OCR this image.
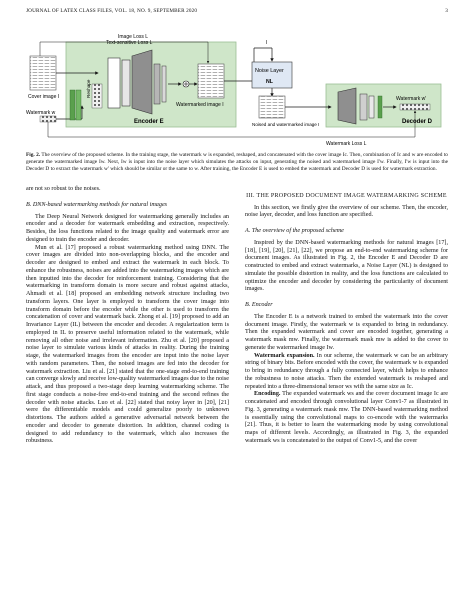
JOURNAL OF LATEX CLASS FILES, VOL. 18, NO. 9, SEPTEMBER 2020	3
Cover image I
Watermark w
Reshape
Watermarked image I
Encoder E
Image Loss L
Text-sensitive Loss L	I
Noise Layer
NL
Noised and watermarked image I
Watermark w'
Decoder D
Watermark Loss L
Fig. 2. The overview of the proposed scheme. In the training stage, the watermark w is expanded, reshaped, and concatenated with the cover image Ic. Then, combination of Ic and w are encoded to generate the watermarked image Iw. Next, Iw is input into the noise layer which simulates the attacks on input, generating the noised and watermarked image I'w. Finally, I'w is input into the Decoder D to extract the watermark w' which should be similar or the same to w. After training, the Encoder E is used to embed the watermark and Decoder D is used for watermark extraction.

are not so robust to the noises.

B. DNN-based watermarking methods for natural images

The Deep Neural Network designed for watermarking generally includes an encoder and a decoder for watermark embedding and extraction, respectively. Besides, the loss functions related to the image quality and watermark error are designed to train the encoder and decoder.

Mun et al. [17] proposed a robust watermarking method using DNN. The cover images are divided into non-overlapping blocks, and the encoder and decoder are designed to embed and extract the watermark in each block. To enhance the robustness, noises are added into the watermarking images which are then inputted into the decoder for reinforcement training. Considering that the watermarking in transform domain is more secure and robust against attacks, Ahmadi et al. [18] proposed an embedding network structure including two transform layers. One layer is employed to transform the cover image into transform domain before the encoder while the other is used to transform the concatenation of cover and watermark back. Zhong et al. [19] proposed to add an Invariance Layer (IL) between the encoder and decoder. A regularization term is employed in IL to preserve useful information related to the watermark, while removing all other noise and irrelevant information. Zhu et al. [20] proposed a noise layer to simulate various kinds of attacks in reality. During the training stage, the watermarked images from the encoder are input into the noise layer with random parameters. Then, the noised images are fed into the decoder for watermark extraction. Liu et al. [21] stated that the one-stage end-to-end training can converge slowly and receive low-quality watermarked images due to the noise attack, and thus proposed a two-stage deep learning watermarking scheme. The first stage conducts a noise-free end-to-end training and the second refines the decoder with noise attacks. Luo et al. [22] stated that noisy layer in [20], [21] were the differentiable models and could generalize poorly to unknown distortions. The authors added a generative adversarial network between the encoder and decoder to generate distortion. In addition, channel coding is designed to add redundancy to the watermark, which also increases the robustness.

III. THE PROPOSED DOCUMENT IMAGE WATERMARKING SCHEME

In this section, we firstly give the overview of our scheme. Then, the encoder, noise layer, decoder, and loss function are specified.

A. The overview of the proposed scheme

Inspired by the DNN-based watermarking methods for natural images [17], [18], [19], [20], [21], [22], we propose an end-to-end watermarking scheme for document images. As illustrated in Fig. 2, the Encoder E and Decoder D are constructed to embed and extract watermarks, a Noise Layer (NL) is designed to simulate the possible distortion in reality, and the loss functions are calculated to optimize the encoder and decoder by considering the particularity of document images.

B. Encoder

The Encoder E is a network trained to embed the watermark into the cover document image. Firstly, the watermark w is expanded to bring in redundancy. Then the expanded watermark and cover are encoded together, generating a watermark mask mw. Finally, the watermark mask mw is added to the cover to generate the watermarked image Iw.

Watermark expansion. In our scheme, the watermark w can be an arbitrary string of binary bits. Before encoded with the cover, the watermark w is expanded to bring in redundancy through a fully connected layer, which helps to enhance the robustness to noise attacks. Then the extended watermark is reshaped and repeated into a three-dimensional tensor ws with the same size as Ic.

Encoding. The expanded watermark ws and the cover document image Ic are concatenated and encoded through convolutional layer Conv1-7 as illustrated in Fig. 3, generating a watermark mask mw. The DNN-based watermarking method is essentially using the convolutional maps to co-encode with the watermarks [21]. Thus, it is better to learn the watermarking mode by using convolutional maps of different levels. Accordingly, as illustrated in Fig. 3, the expanded watermark ws is concatenated to the output of Conv1-5, and the cover
